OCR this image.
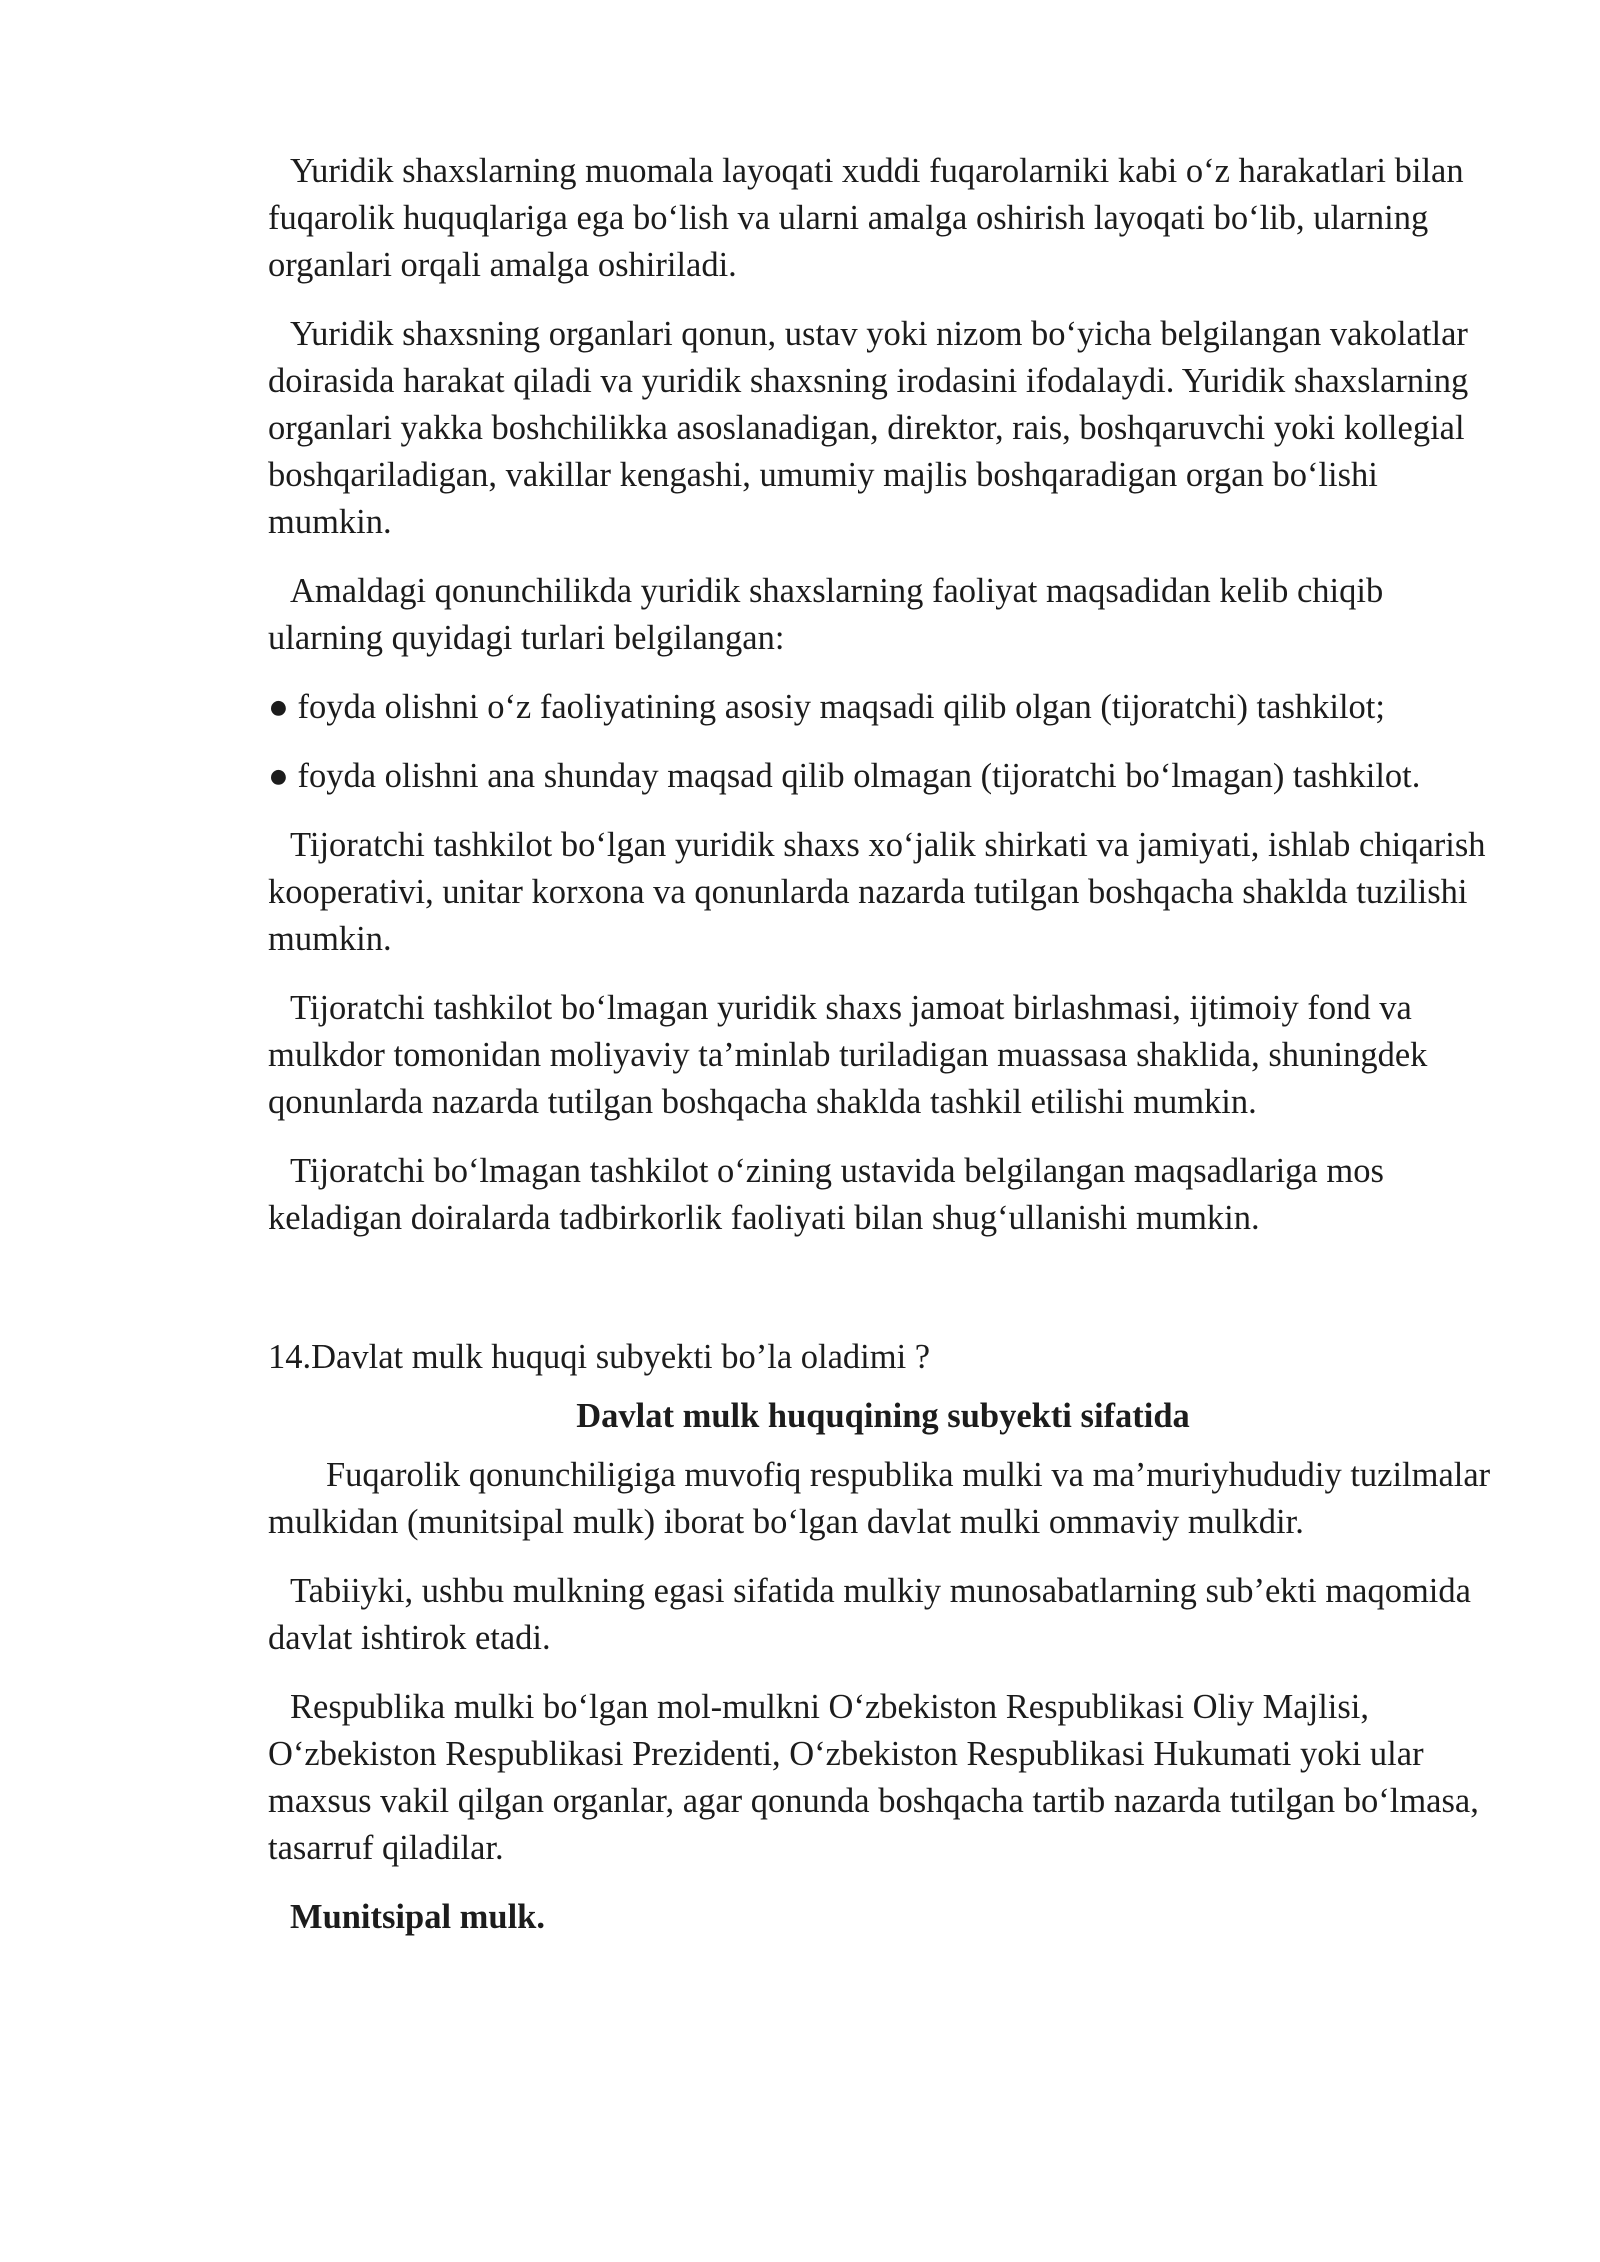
Yuridik shaxslarning muomala layoqati xuddi fuqarolarniki kabi o‘z harakatlari bilan fuqarolik huquqlariga ega bo‘lish va ularni amalga oshirish layoqati bo‘lib, ularning organlari orqali amalga oshiriladi.

Yuridik shaxsning organlari qonun, ustav yoki nizom bo‘yicha belgilangan vakolatlar doirasida harakat qiladi va yuridik shaxsning irodasini ifodalaydi. Yuridik shaxslarning organlari yakka boshchilikka asoslanadigan, direktor, rais, boshqaruvchi yoki kollegial boshqariladigan, vakillar kengashi, umumiy majlis boshqaradigan organ bo‘lishi mumkin.

Amaldagi qonunchilikda yuridik shaxslarning faoliyat maqsadidan kelib chiqib ularning quyidagi turlari belgilangan:

● foyda olishni o‘z faoliyatining asosiy maqsadi qilib olgan (tijoratchi) tashkilot;

● foyda olishni ana shunday maqsad qilib olmagan (tijoratchi bo‘lmagan) tashkilot.

Tijoratchi tashkilot bo‘lgan yuridik shaxs xo‘jalik shirkati va jamiyati, ishlab chiqarish kooperativi, unitar korxona va qonunlarda nazarda tutilgan boshqacha shaklda tuzilishi mumkin.

Tijoratchi tashkilot bo‘lmagan yuridik shaxs jamoat birlashmasi, ijtimoiy fond va mulkdor tomonidan moliyaviy ta’minlab turiladigan muassasa shaklida, shuningdek qonunlarda nazarda tutilgan boshqacha shaklda tashkil etilishi mumkin.

Tijoratchi bo‘lmagan tashkilot o‘zining ustavida belgilangan maqsadlariga mos keladigan doiralarda tadbirkorlik faoliyati bilan shug‘ullanishi mumkin.

14.Davlat mulk huquqi subyekti bo’la oladimi ?

Davlat mulk huquqining subyekti sifatida

Fuqarolik qonunchiligiga muvofiq respublika mulki va ma’muriyhududiy tuzilmalar mulkidan (munitsipal mulk) iborat bo‘lgan davlat mulki ommaviy mulkdir.

Tabiiyki, ushbu mulkning egasi sifatida mulkiy munosabatlarning sub’ekti maqomida davlat ishtirok etadi.

Respublika mulki bo‘lgan mol-mulkni O‘zbekiston Respublikasi Oliy Majlisi, O‘zbekiston Respublikasi Prezidenti, O‘zbekiston Respublikasi Hukumati yoki ular maxsus vakil qilgan organlar, agar qonunda boshqacha tartib nazarda tutilgan bo‘lmasa, tasarruf qiladilar.

Munitsipal mulk.
